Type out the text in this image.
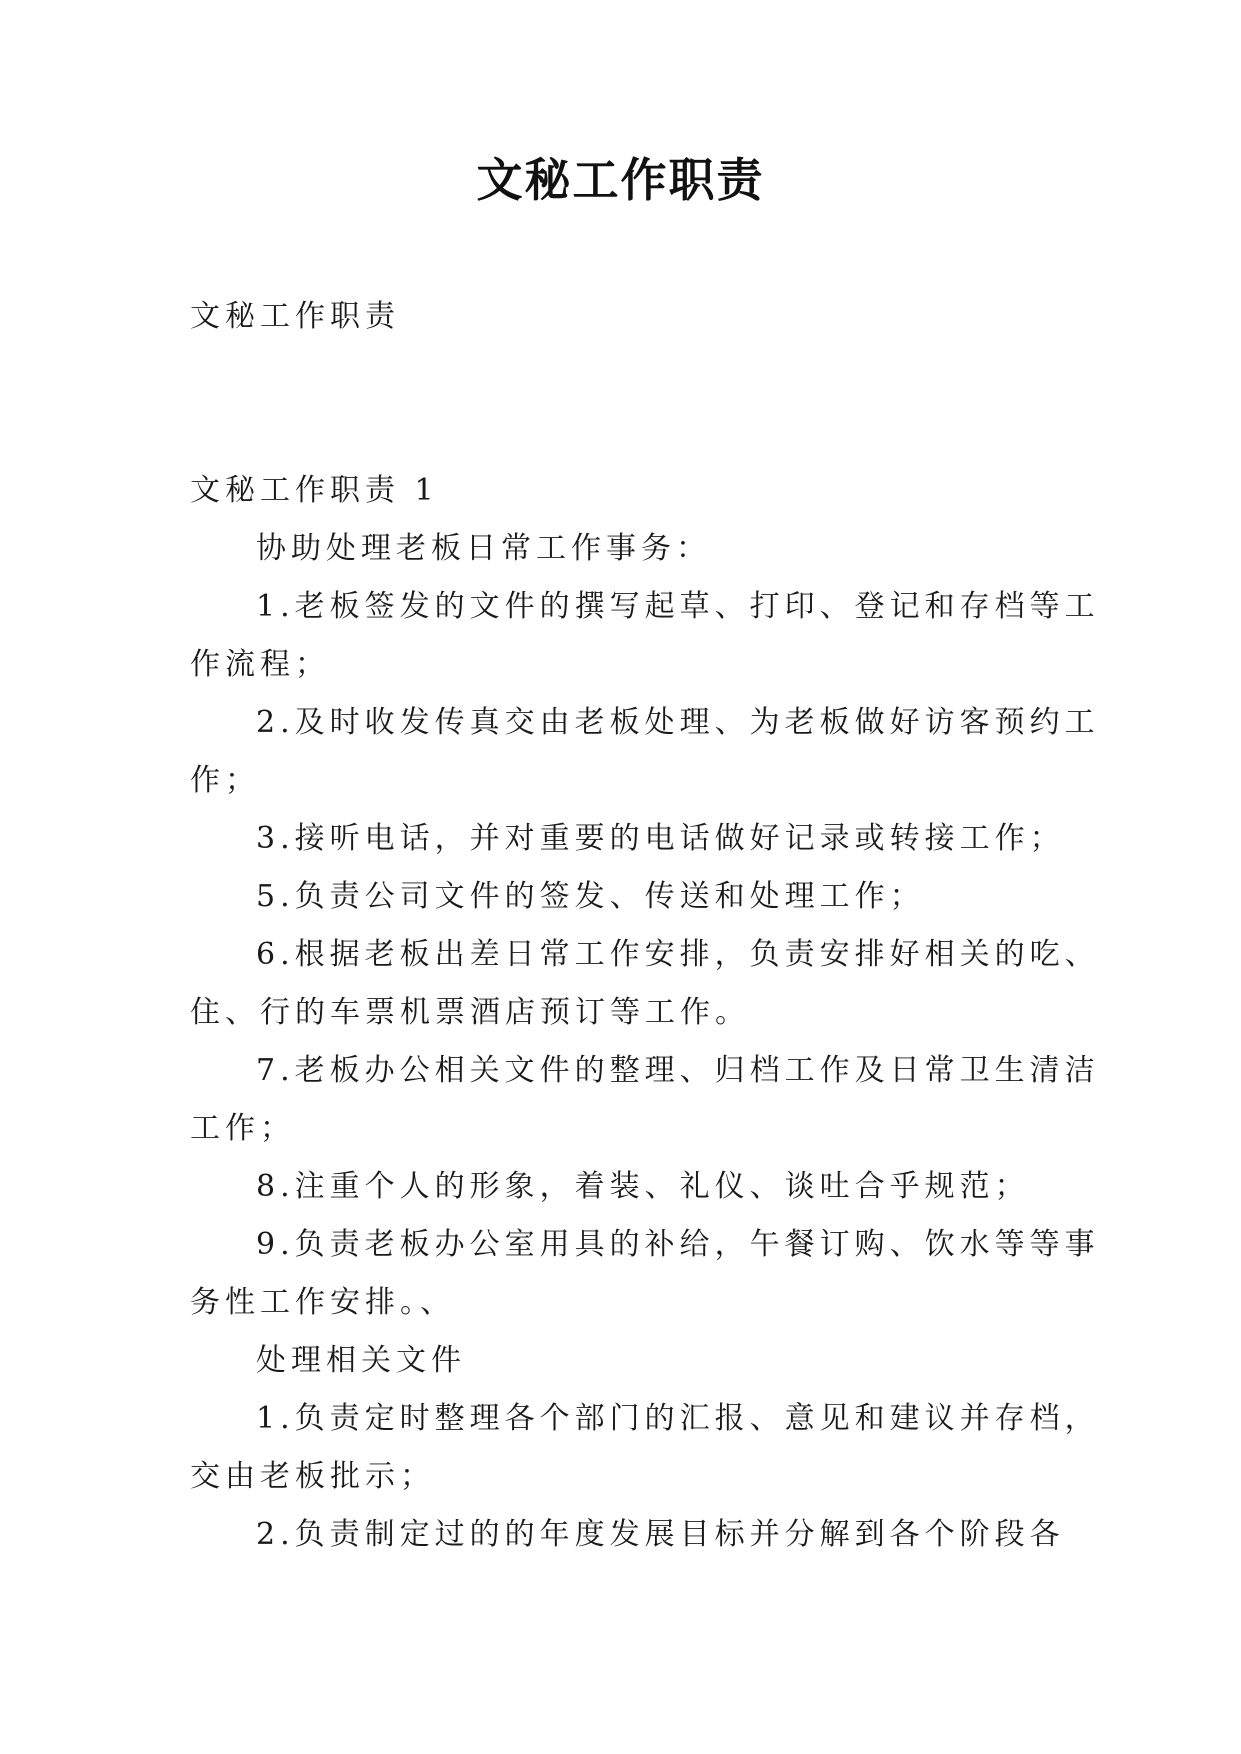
文秘工作职责
文秘工作职责
文秘工作职责 1
协助处理老板日常工作事务：
1.老板签发的文件的撰写起草、打印、登记和存档等工
作流程；
2.及时收发传真交由老板处理、为老板做好访客预约工
作；
3.接听电话，并对重要的电话做好记录或转接工作；
5.负责公司文件的签发、传送和处理工作；
6.根据老板出差日常工作安排，负责安排好相关的吃、
住、行的车票机票酒店预订等工作。
7.老板办公相关文件的整理、归档工作及日常卫生清洁
工作；
8.注重个人的形象，着装、礼仪、谈吐合乎规范；
9.负责老板办公室用具的补给，午餐订购、饮水等等事
务性工作安排。、
处理相关文件
1.负责定时整理各个部门的汇报、意见和建议并存档，
交由老板批示；
2.负责制定过的的年度发展目标并分解到各个阶段各
